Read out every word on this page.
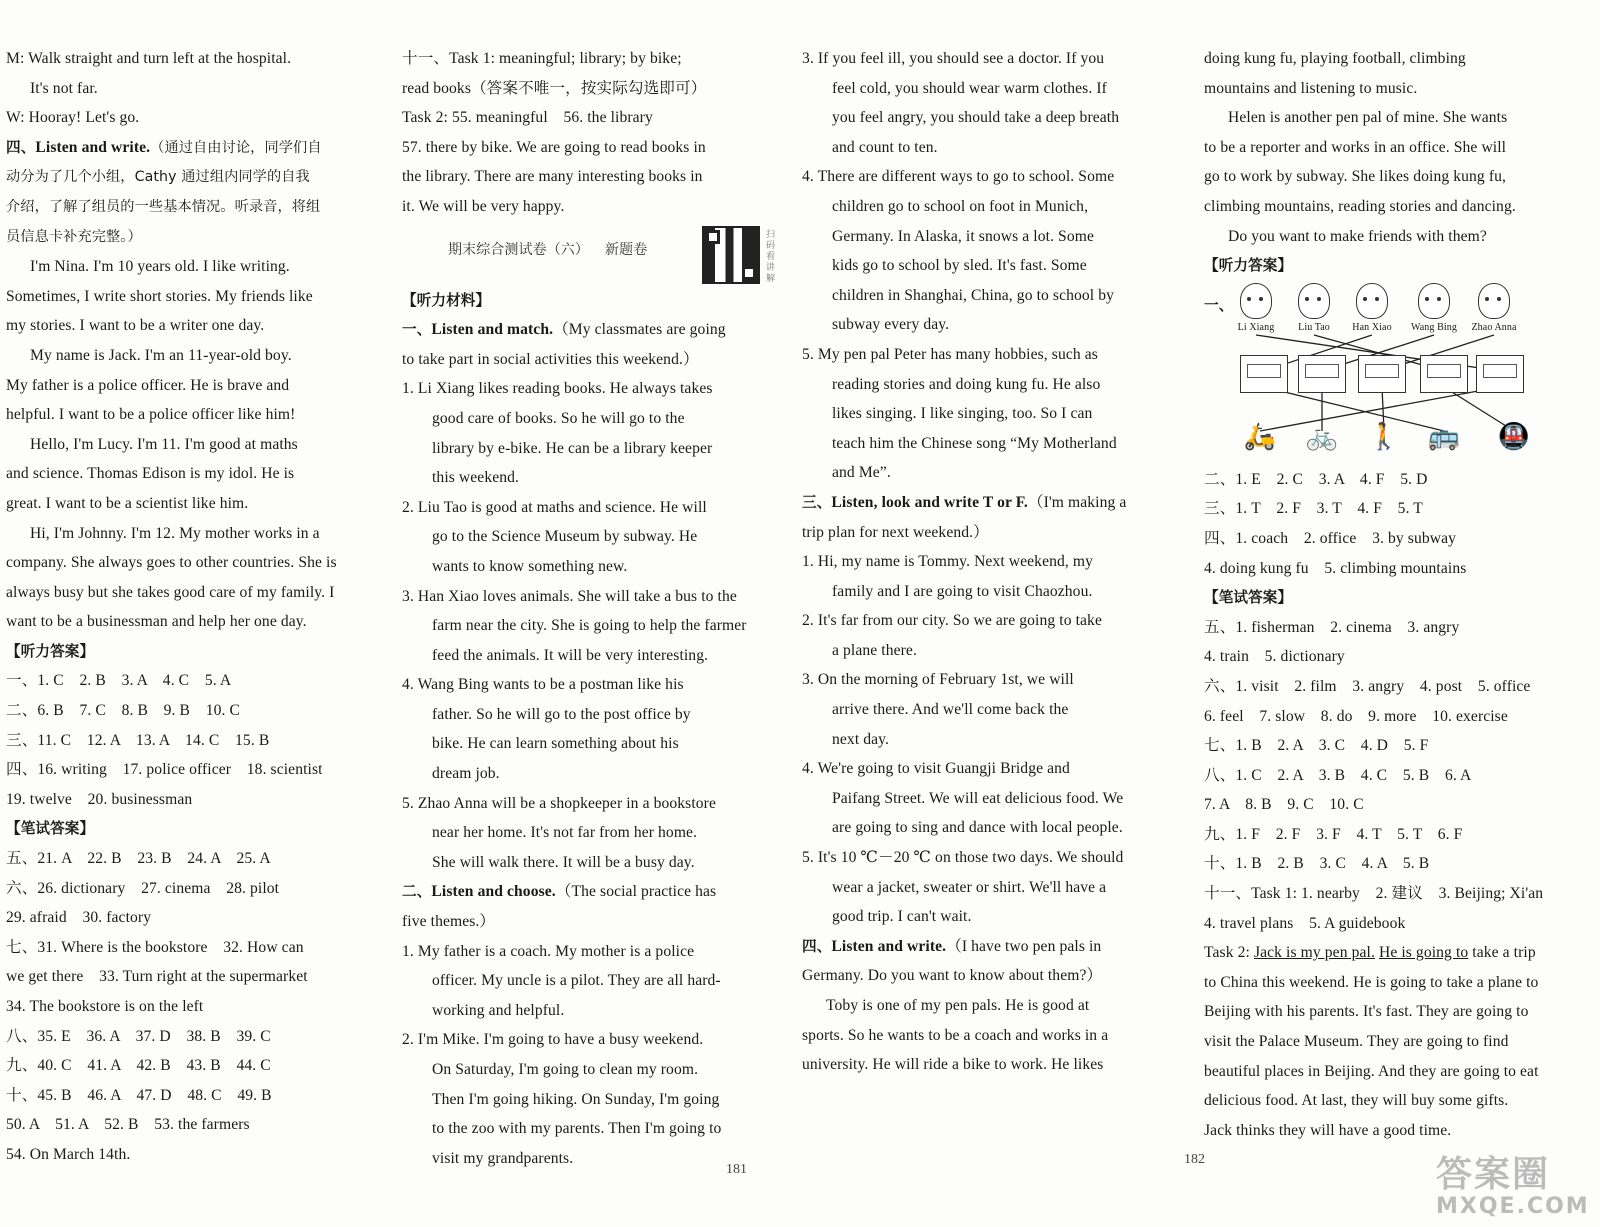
M: Walk straight and turn left at the hospital.
It's not far.
W: Hooray! Let's go.
四、Listen and write.（通过自由讨论，同学们自
动分为了几个小组，Cathy 通过组内同学的自我
介绍，了解了组员的一些基本情况。听录音，将组
员信息卡补充完整。）
I'm Nina. I'm 10 years old. I like writing.
Sometimes, I write short stories. My friends like
my stories. I want to be a writer one day.
My name is Jack. I'm an 11-year-old boy.
My father is a police officer. He is brave and
helpful. I want to be a police officer like him!
Hello, I'm Lucy. I'm 11. I'm good at maths
and science. Thomas Edison is my idol. He is
great. I want to be a scientist like him.
Hi, I'm Johnny. I'm 12. My mother works in a
company. She always goes to other countries. She is
always busy but she takes good care of my family. I
want to be a businessman and help her one day.
【听力答案】
一、1. C　2. B　3. A　4. C　5. A
二、6. B　7. C　8. B　9. B　10. C
三、11. C　12. A　13. A　14. C　15. B
四、16. writing　17. police officer　18. scientist
19. twelve　20. businessman
【笔试答案】
五、21. A　22. B　23. B　24. A　25. A
六、26. dictionary　27. cinema　28. pilot
29. afraid　30. factory
七、31. Where is the bookstore　32. How can
we get there　33. Turn right at the supermarket
34. The bookstore is on the left
八、35. E　36. A　37. D　38. B　39. C
九、40. C　41. A　42. B　43. B　44. C
十、45. B　46. A　47. D　48. C　49. B
50. A　51. A　52. B　53. the farmers
54. On March 14th.
十一、Task 1: meaningful; library; by bike;
read books（答案不唯一，按实际勾选即可）
Task 2: 55. meaningful　56. the library
57. there by bike. We are going to read books in
the library. There are many interesting books in
it. We will be very happy.
期末综合测试卷（六） 新题卷
扫码看讲解
【听力材料】
一、Listen and match.（My classmates are going
to take part in social activities this weekend.）
1. Li Xiang likes reading books. He always takes
good care of books. So he will go to the
library by e-bike. He can be a library keeper
this weekend.
2. Liu Tao is good at maths and science. He will
go to the Science Museum by subway. He
wants to know something new.
3. Han Xiao loves animals. She will take a bus to the
farm near the city. She is going to help the farmer
feed the animals. It will be very interesting.
4. Wang Bing wants to be a postman like his
father. So he will go to the post office by
bike. He can learn something about his
dream job.
5. Zhao Anna will be a shopkeeper in a bookstore
near her home. It's not far from her home.
She will walk there. It will be a busy day.
二、Listen and choose.（The social practice has
five themes.）
1. My father is a coach. My mother is a police
officer. My uncle is a pilot. They are all hard-
working and helpful.
2. I'm Mike. I'm going to have a busy weekend.
On Saturday, I'm going to clean my room.
Then I'm going hiking. On Sunday, I'm going
to the zoo with my parents. Then I'm going to
visit my grandparents.
181
3. If you feel ill, you should see a doctor. If you
feel cold, you should wear warm clothes. If
you feel angry, you should take a deep breath
and count to ten.
4. There are different ways to go to school. Some
children go to school on foot in Munich,
Germany. In Alaska, it snows a lot. Some
kids go to school by sled. It's fast. Some
children in Shanghai, China, go to school by
subway every day.
5. My pen pal Peter has many hobbies, such as
reading stories and doing kung fu. He also
likes singing. I like singing, too. So I can
teach him the Chinese song “My Motherland
and Me”.
三、Listen, look and write T or F.（I'm making a
trip plan for next weekend.）
1. Hi, my name is Tommy. Next weekend, my
family and I are going to visit Chaozhou.
2. It's far from our city. So we are going to take
a plane there.
3. On the morning of February 1st, we will
arrive there. And we'll come back the
next day.
4. We're going to visit Guangji Bridge and
Paifang Street. We will eat delicious food. We
are going to sing and dance with local people.
5. It's 10 ℃－20 ℃ on those two days. We should
wear a jacket, sweater or shirt. We'll have a
good trip. I can't wait.
四、Listen and write.（I have two pen pals in
Germany. Do you want to know about them?）
Toby is one of my pen pals. He is good at
sports. So he wants to be a coach and works in a
university. He will ride a bike to work. He likes
doing kung fu, playing football, climbing
mountains and listening to music.
Helen is another pen pal of mine. She wants
to be a reporter and works in an office. She will
go to work by subway. She likes doing kung fu,
climbing mountains, reading stories and dancing.
Do you want to make friends with them?
【听力答案】
一、
Li Xiang	Liu Tao	Han Xiao	Wang Bing	Zhao Anna
🛵	🚲	🚶	🚌	🚇
二、1. E　2. C　3. A　4. F　5. D
三、1. T　2. F　3. T　4. F　5. T
四、1. coach　2. office　3. by subway
4. doing kung fu　5. climbing mountains
【笔试答案】
五、1. fisherman　2. cinema　3. angry
4. train　5. dictionary
六、1. visit　2. film　3. angry　4. post　5. office
6. feel　7. slow　8. do　9. more　10. exercise
七、1. B　2. A　3. C　4. D　5. F
八、1. C　2. A　3. B　4. C　5. B　6. A
7. A　8. B　9. C　10. C
九、1. F　2. F　3. F　4. T　5. T　6. F
十、1. B　2. B　3. C　4. A　5. B
十一、Task 1: 1. nearby　2. 建议　3. Beijing; Xi'an
4. travel plans　5. A guidebook
Task 2: Jack is my pen pal. He is going to take a trip
to China this weekend. He is going to take a plane to
Beijing with his parents. It's fast. They are going to
visit the Palace Museum. They are going to find
beautiful places in Beijing. And they are going to eat
delicious food. At last, they will buy some gifts.
Jack thinks they will have a good time.
182	答案圈
MXQE.COM
